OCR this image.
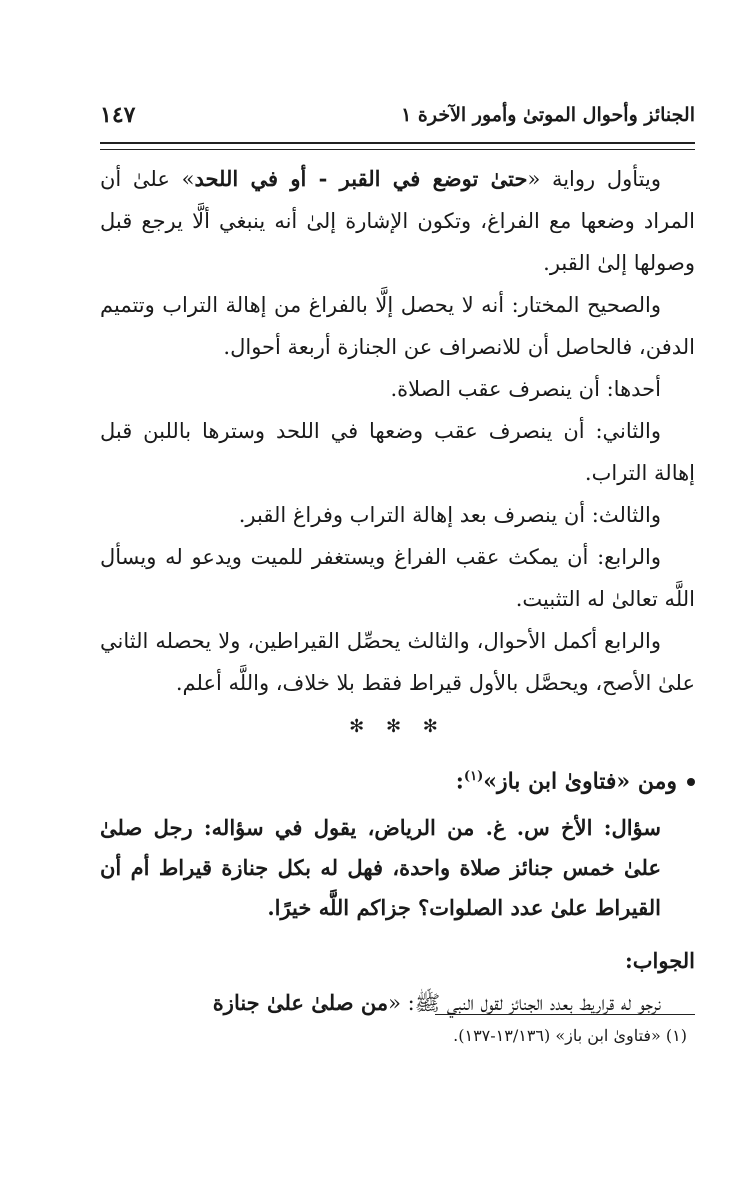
الجنائز وأحوال الموتىٰ وأمور الآخرة ١
١٤٧

ويتأول رواية «حتىٰ توضع في القبر - أو في اللحد» علىٰ أن المراد وضعها مع الفراغ، وتكون الإشارة إلىٰ أنه ينبغي ألَّا يرجع قبل وصولها إلىٰ القبر.

والصحيح المختار: أنه لا يحصل إلَّا بالفراغ من إهالة التراب وتتميم الدفن، فالحاصل أن للانصراف عن الجنازة أربعة أحوال.

أحدها: أن ينصرف عقب الصلاة.

والثاني: أن ينصرف عقب وضعها في اللحد وسترها باللبن قبل إهالة التراب.

والثالث: أن ينصرف بعد إهالة التراب وفراغ القبر.

والرابع: أن يمكث عقب الفراغ ويستغفر للميت ويدعو له ويسأل اللَّه تعالىٰ له التثبيت.

والرابع أكمل الأحوال، والثالث يحصِّل القيراطين، ولا يحصله الثاني علىٰ الأصح، ويحصَّل بالأول قيراط فقط بلا خلاف، واللَّه أعلم.

✻ ✻ ✻
ومن «فتاوىٰ ابن باز»$^{(١)}$:

سؤال: الأخ س. غ. من الرياض، يقول في سؤاله: رجل صلىٰ علىٰ خمس جنائز صلاة واحدة، فهل له بكل جنازة قيراط أم أن القيراط علىٰ عدد الصلوات؟ جزاكم اللَّه خيرًا.

الجواب:

نرجو له قراريط بعدد الجنائز لقول النبي ﷺ: «من صلىٰ علىٰ جنازة

(١) «فتاوىٰ ابن باز» (١٣/١٣٦-١٣٧).
